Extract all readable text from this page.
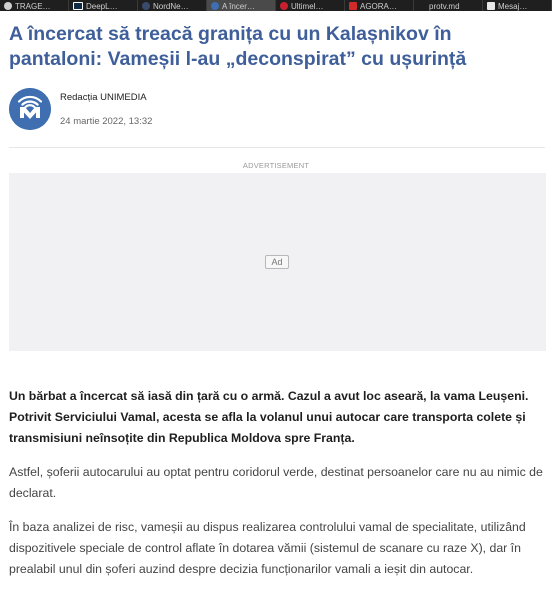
TRAGE…	DeepL…	NordNe…	A încer…	Ultimel…	AGORA…	protv.md	Mesaj…
A încercat să treacă granița cu un Kalașnikov în pantaloni: Vameșii l-au „deconspirat” cu ușurință
Redacția UNIMEDIA
24 martie 2022, 13:32
ADVERTISEMENT
Ad

Un bărbat a încercat să iasă din țară cu o armă. Cazul a avut loc aseară, la vama Leușeni. Potrivit Serviciului Vamal, acesta se afla la volanul unui autocar care transporta colete și transmisiuni neînsoțite din Republica Moldova spre Franța.

Astfel, șoferii autocarului au optat pentru coridorul verde, destinat persoanelor care nu au nimic de declarat.

În baza analizei de risc, vameșii au dispus realizarea controlului vamal de specialitate, utilizând dispozitivele speciale de control aflate în dotarea vămii (sistemul de scanare cu raze X), dar în prealabil unul din șoferi auzind despre decizia funcționarilor vamali a ieșit din autocar.
